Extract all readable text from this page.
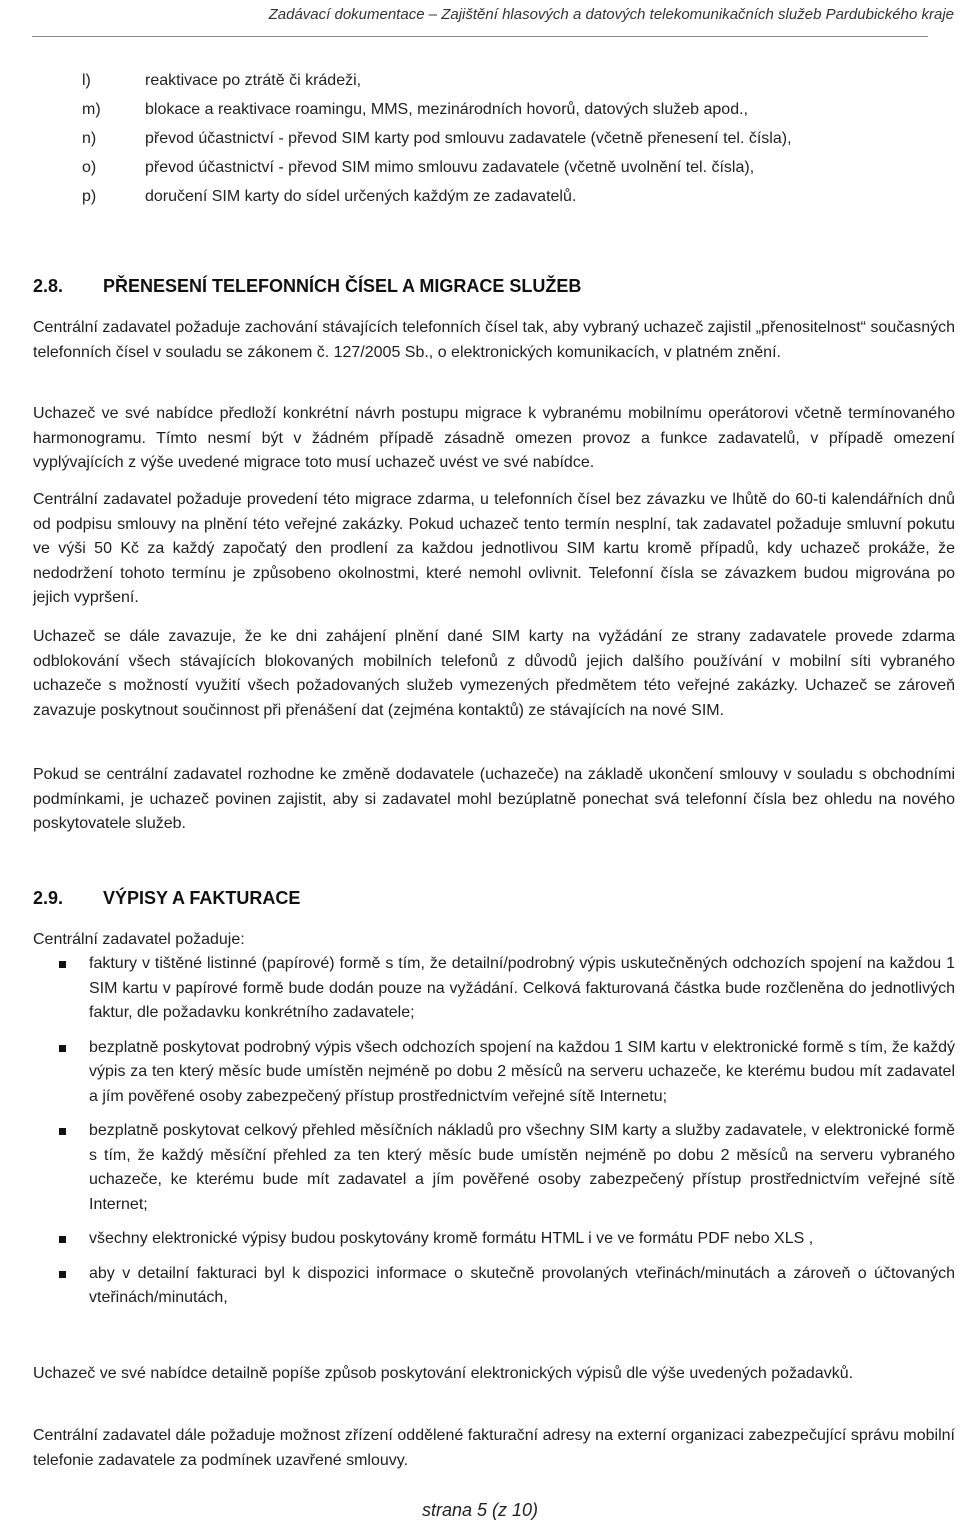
Zadávací dokumentace – Zajištění hlasových a datových telekomunikačních služeb Pardubického kraje
l)	reaktivace po ztrátě či krádeži,
m)	blokace a reaktivace roamingu, MMS, mezinárodních hovorů, datových služeb apod.,
n)	převod účastnictví - převod SIM karty pod smlouvu zadavatele (včetně přenesení tel. čísla),
o)	převod účastnictví - převod SIM mimo smlouvu zadavatele (včetně uvolnění tel. čísla),
p)	doručení SIM karty do sídel určených každým ze zadavatelů.
2.8. PŘENESENÍ TELEFONNÍCH ČÍSEL A MIGRACE SLUŽEB
Centrální zadavatel požaduje zachování stávajících telefonních čísel tak, aby vybraný uchazeč zajistil „přenositelnost“ současných telefonních čísel v souladu se zákonem č. 127/2005 Sb., o elektronických komunikacích, v platném znění.
Uchazeč ve své nabídce předloží konkrétní návrh postupu migrace k vybranému mobilnímu operátorovi včetně termínovaného harmonogramu. Tímto nesmí být v žádném případě zásadně omezen provoz a funkce zadavatelů, v případě omezení vyplývajících z výše uvedené migrace toto musí uchazeč uvést ve své nabídce.
Centrální zadavatel požaduje provedení této migrace zdarma, u telefonních čísel bez závazku ve lhůtě do 60-ti kalendářních dnů od podpisu smlouvy na plnění této veřejné zakázky. Pokud uchazeč tento termín nesplní, tak zadavatel požaduje smluvní pokutu ve výši 50 Kč za každý započatý den prodlení za každou jednotlivou SIM kartu kromě případů, kdy uchazeč prokáže, že nedodržení tohoto termínu je způsobeno okolnostmi, které nemohl ovlivnit. Telefonní čísla se závazkem budou migrována po jejich vypršení.
Uchazeč se dále zavazuje, že ke dni zahájení plnění dané SIM karty na vyžádání ze strany zadavatele provede zdarma odblokování všech stávajících blokovaných mobilních telefonů z důvodů jejich dalšího používání v mobilní síti vybraného uchazeče s možností využití všech požadovaných služeb vymezených předmětem této veřejné zakázky. Uchazeč se zároveň zavazuje poskytnout součinnost při přenášení dat (zejména kontaktů) ze stávajících na nové SIM.
Pokud se centrální zadavatel rozhodne ke změně dodavatele (uchazeče) na základě ukončení smlouvy v souladu s obchodními podmínkami, je uchazeč povinen zajistit, aby si zadavatel mohl bezúplatně ponechat svá telefonní čísla bez ohledu na nového poskytovatele služeb.
2.9. VÝPISY A FAKTURACE
Centrální zadavatel požaduje:
faktury v tištěné listinné (papírové) formě s tím, že detailní/podrobný výpis uskutečněných odchozích spojení na každou 1 SIM kartu v papírové formě bude dodán pouze na vyžádání. Celková fakturovaná částka bude rozčleněna do jednotlivých faktur, dle požadavku konkrétního zadavatele;
bezplatně poskytovat podrobný výpis všech odchozích spojení na každou 1 SIM kartu v elektronické formě s tím, že každý výpis za ten který měsíc bude umístěn nejméně po dobu 2 měsíců na serveru uchazeče, ke kterému budou mít zadavatel a jím pověřené osoby zabezpečený přístup prostřednictvím veřejné sítě Internetu;
bezplatně poskytovat celkový přehled měsíčních nákladů pro všechny SIM karty a služby zadavatele, v elektronické formě s tím, že každý měsíční přehled za ten který měsíc bude umístěn nejméně po dobu 2 měsíců na serveru vybraného uchazeče, ke kterému bude mít zadavatel a jím pověřené osoby zabezpečený přístup prostřednictvím veřejné sítě Internet;
všechny elektronické výpisy budou poskytovány kromě formátu HTML i ve ve formátu PDF nebo XLS ,
aby v detailní fakturaci byl k dispozici informace o skutečně provolaných vteřinách/minutách a zároveň o účtovaných vteřinách/minutách,
Uchazeč ve své nabídce detailně popíše způsob poskytování elektronických výpisů dle výše uvedených požadavků.
Centrální zadavatel dále požaduje možnost zřízení oddělené fakturační adresy na externí organizaci zabezpečující správu mobilní telefonie zadavatele za podmínek uzavřené smlouvy.
strana 5 (z 10)
